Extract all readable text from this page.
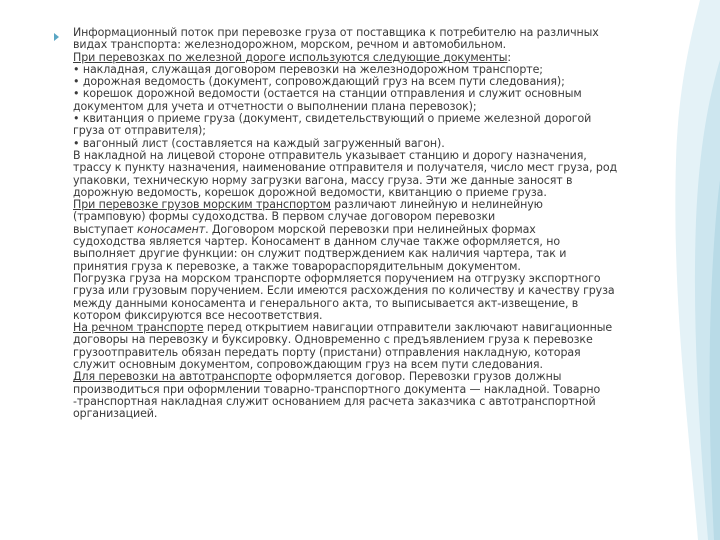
Информационный поток при перевозке груза от поставщика к потребителю на различных
видах транспорта: железнодорожном, морском, речном и автомобильном.
При перевозках по железной дороге используются следующие документы:
• накладная, служащая договором перевозки на железнодорожном транспорте;
• дорожная ведомость (документ, сопровождающий груз на всем пути следования);
• корешок дорожной ведомости (остается на станции отправления и служит основным
документом для учета и отчетности о выполнении плана перевозок);
• квитанция о приеме груза (документ, свидетельствующий о приеме железной дорогой
груза от отправителя);
• вагонный лист (составляется на каждый загруженный вагон).
В накладной на лицевой стороне отправитель указывает станцию и дорогу назначения,
трассу к пункту назначения, наименование отправителя и получателя, число мест груза, род
упаковки, техническую норму загрузки вагона, массу груза. Эти же данные заносят в
дорожную ведомость, корешок дорожной ведомости, квитанцию о приеме груза.
При перевозке грузов морским транспортом различают линейную и нелинейную
(трамповую) формы судоходства. В первом случае договором перевозки
выступает коносамент. Договором морской перевозки при нелинейных формах
судоходства является чартер. Коносамент в данном случае также оформляется, но
выполняет другие функции: он служит подтверждением как наличия чартера, так и
принятия груза к перевозке, а также товарораспорядительным документом.
Погрузка груза на морском транспорте оформляется поручением на отгрузку экспортного
груза или грузовым поручением. Если имеются расхождения по количеству и качеству груза
между данными коносамента и генерального акта, то выписывается акт-извещение, в
котором фиксируются все несоответствия.
На речном транспорте перед открытием навигации отправители заключают навигационные
договоры на перевозку и буксировку. Одновременно с предъявлением груза к перевозке
грузоотправитель обязан передать порту (пристани) отправления накладную, которая
служит основным документом, сопровождающим груз на всем пути следования.
Для перевозки на автотранспорте оформляется договор. Перевозки грузов должны
производиться при оформлении товарно-транспортного документа — накладной. Товарно
-транспортная накладная служит основанием для расчета заказчика с автотранспортной
организацией.
